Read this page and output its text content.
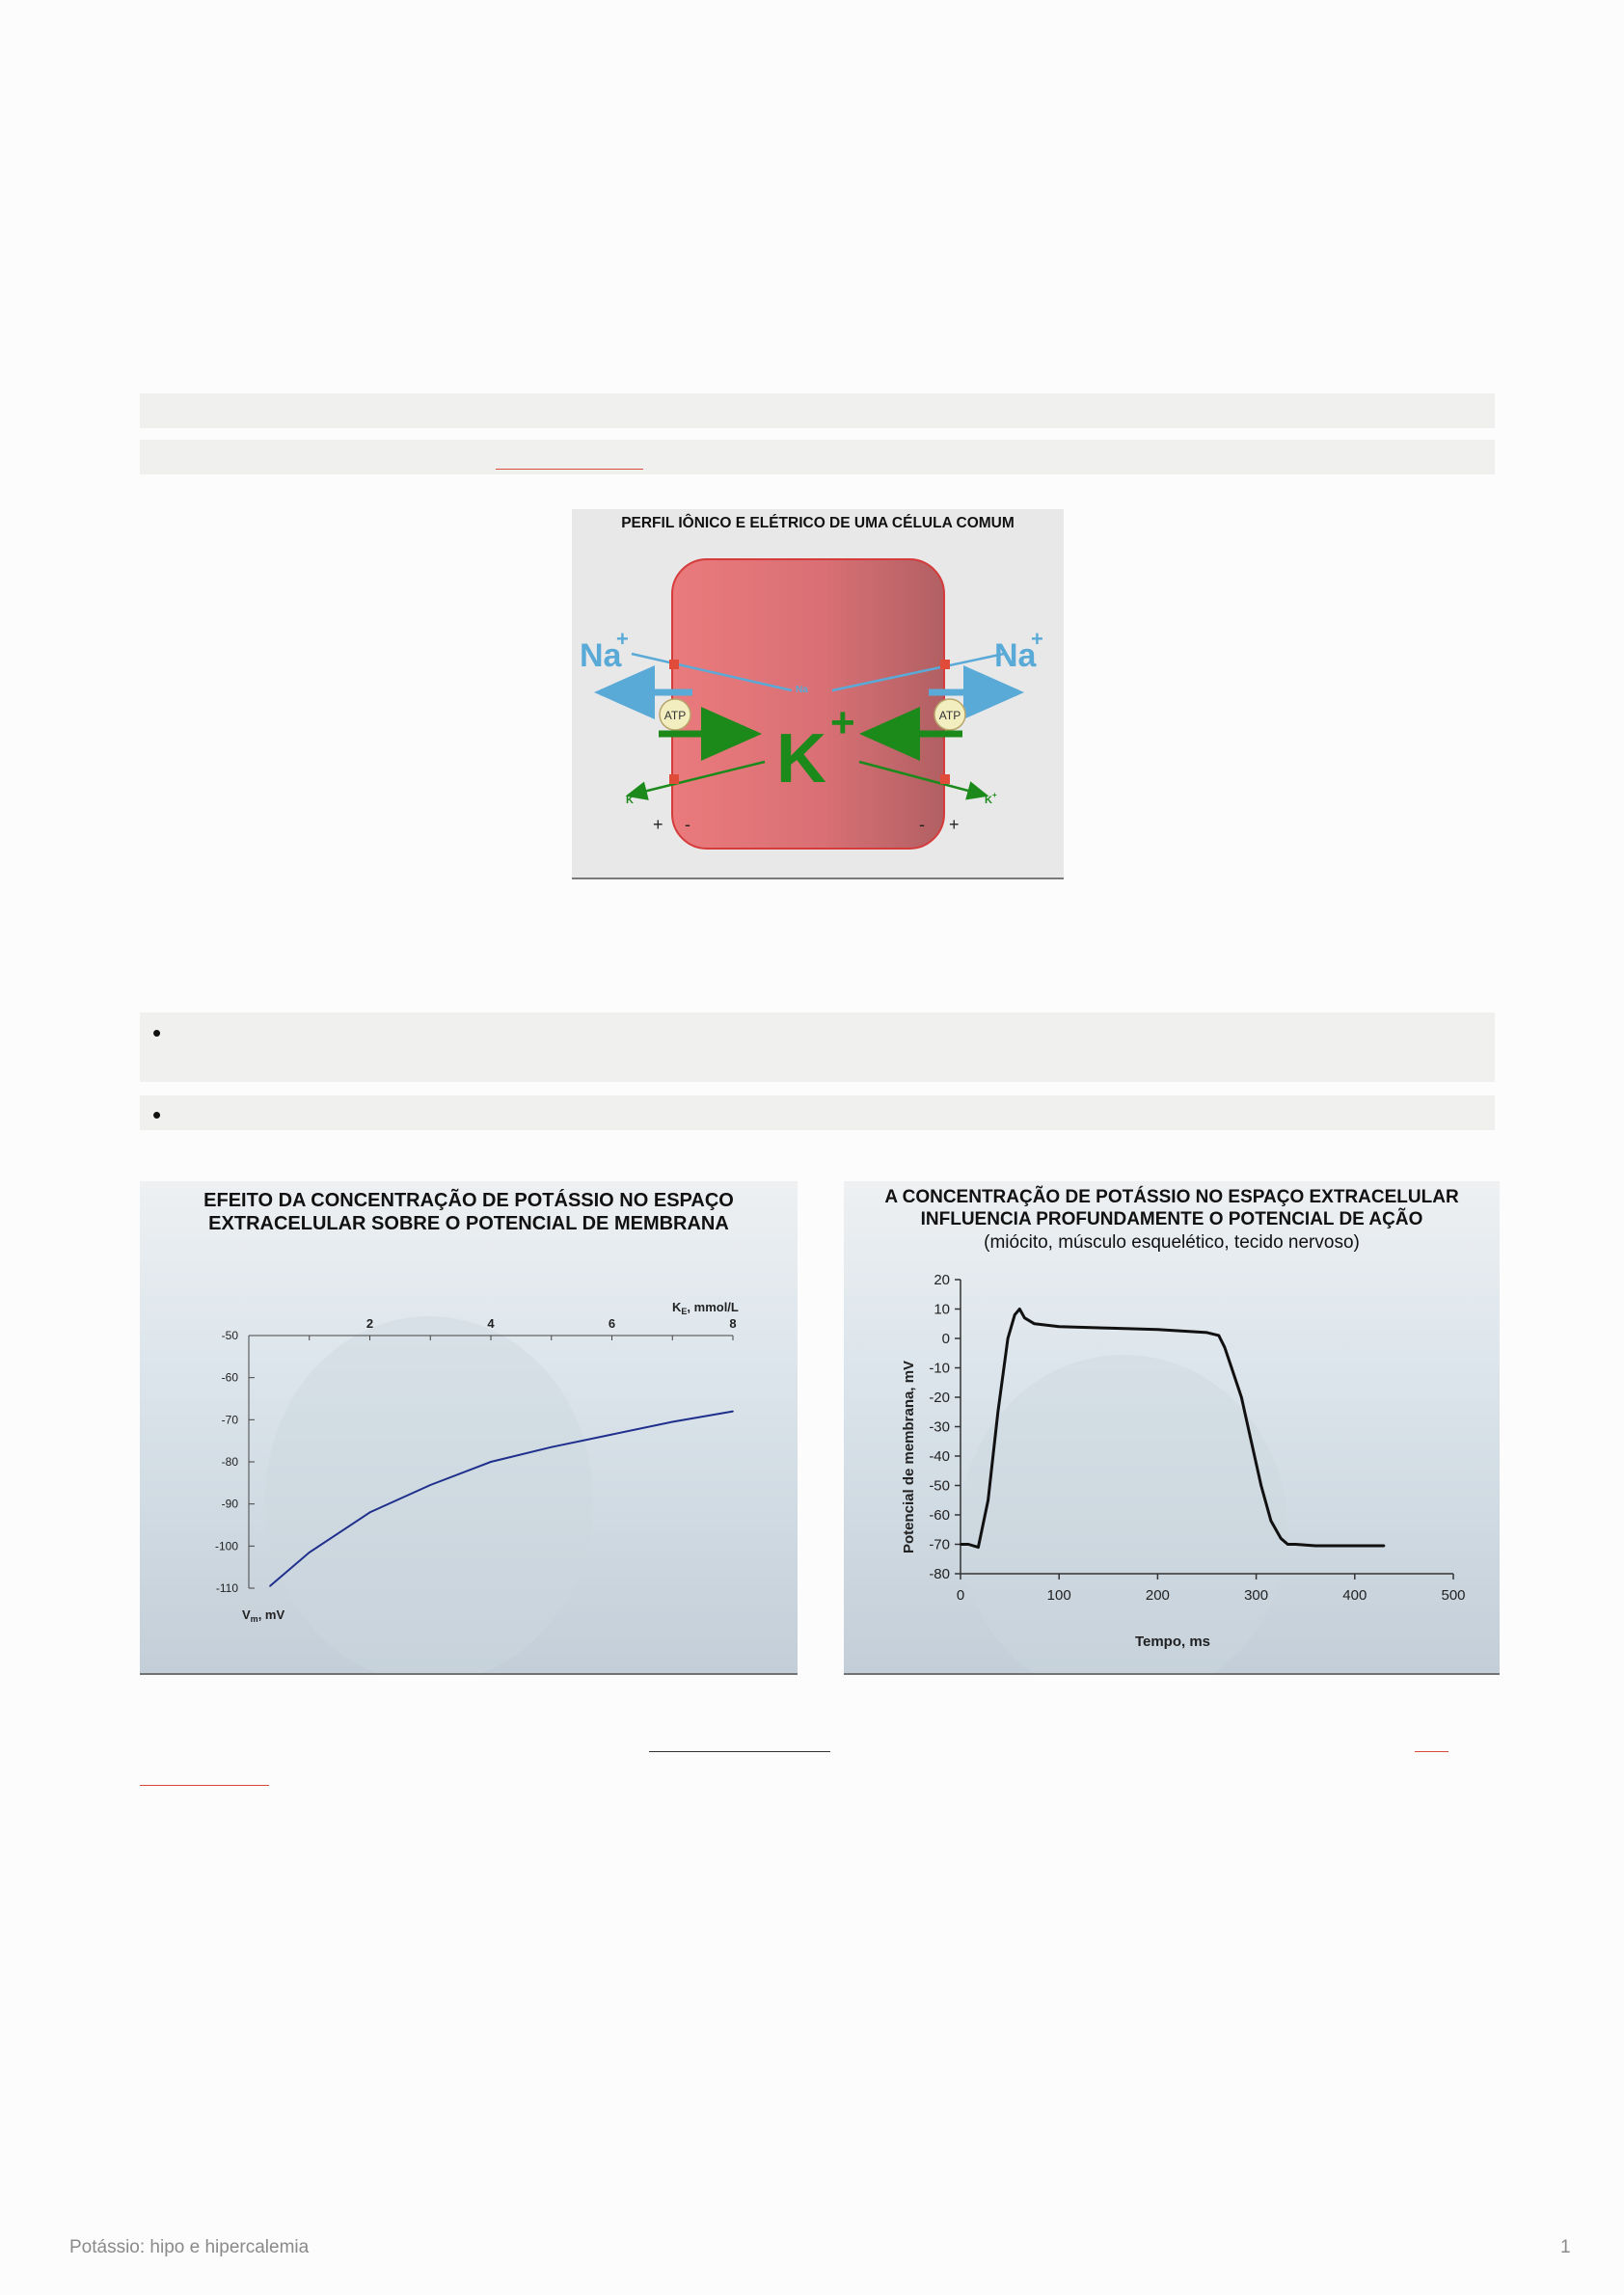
PERFIL IÔNICO E ELÉTRICO DE UMA CÉLULA COMUM
Na
+	Na
+
Na
ATP	ATP
K +
K +	K +
+ -	- +
•
•
EFEITO DA CONCENTRAÇÃO DE POTÁSSIO NO ESPAÇO
EXTRACELULAR SOBRE O POTENCIAL DE MEMBRANA
$K_E$, mmol/L
$V_m$, mV
2	4	6	8
-50
-60
-70
-80
-90
-100
-110
A CONCENTRAÇÃO DE POTÁSSIO NO ESPAÇO EXTRACELULAR
INFLUENCIA PROFUNDAMENTE O POTENCIAL DE AÇÃO
(miócito, músculo esquelético, tecido nervoso)
Tempo, ms
Potencial de membrana, mV
0	100	200	300	400	500
20
10
0
-10
-20
-30
-40
-50
-60
-70
-80
Potássio: hipo e hipercalemia	1
